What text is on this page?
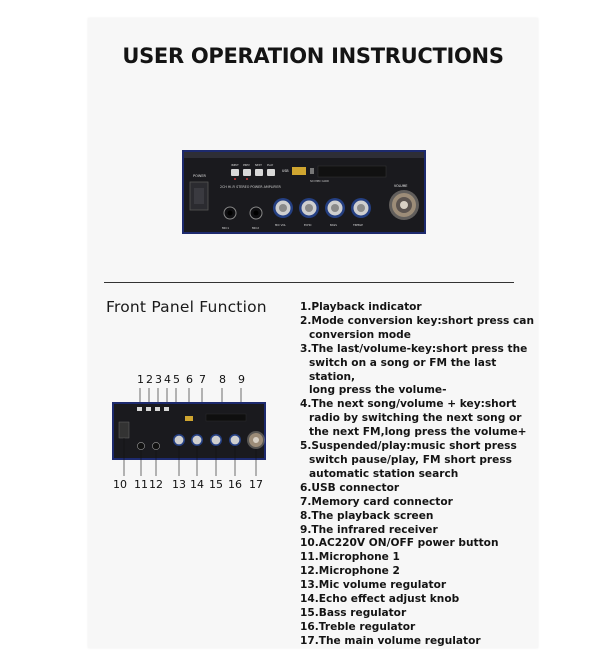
USER OPERATION INSTRUCTIONS
POWER
2CH Hi-Fi STEREO POWER AMPLIFIER
INPUT PREV NEXT PLAY
USB
SD MMC CARD
MIC1	MIC2
MIC VOL	ECHO	BASS	TREBLE
VOLUME
Front Panel Function
1 2 3 4 5 6 7 8 9
10 11 12 13 14 15 16 17
1.Playback indicator
2.Mode conversion key:short press can
conversion mode
3.The last/volume-key:short press the
switch on a song or FM the last station,
long press the volume-
4.The next song/volume + key:short
radio by switching the next song or
the next FM,long press the volume+
5.Suspended/play:music short press
switch pause/play, FM short press
automatic station search
6.USB connector
7.Memory card connector
8.The playback screen
9.The infrared receiver
10.AC220V ON/OFF power button
11.Microphone 1
12.Microphone 2
13.Mic volume regulator
14.Echo effect adjust knob
15.Bass regulator
16.Treble regulator
17.The main volume regulator
